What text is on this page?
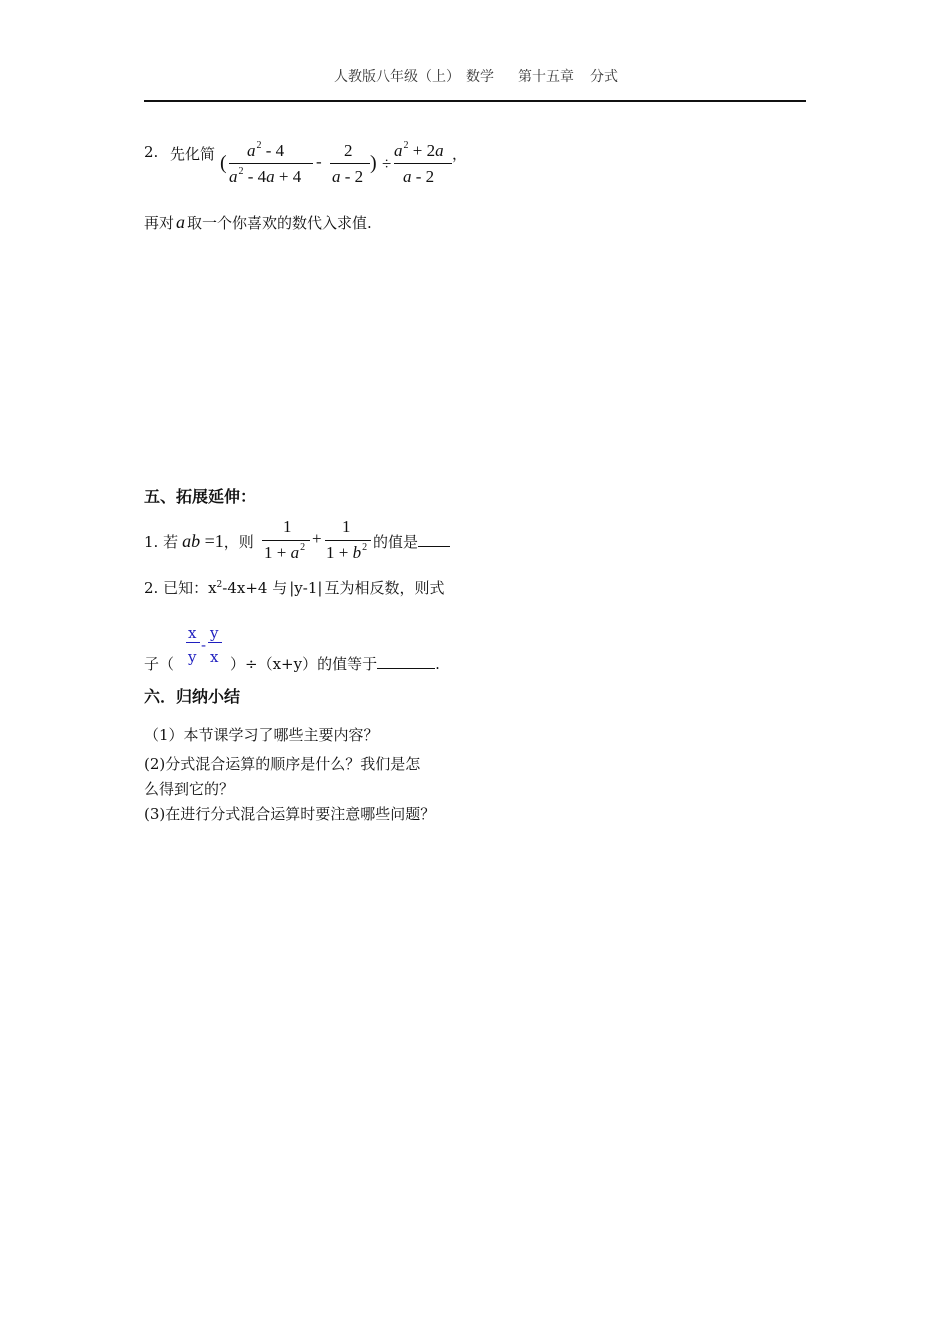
人教版八年级（上） 数学 第十五章 分式
2. 先化简 (
$a^2 - 4$
$a^2 - 4a + 4$
-
2
a - 2
) ÷
$a^2 + 2a$
a - 2
，
再对 a 取一个你喜欢的数代入求值.
五、拓展延伸：
1. 若 ab =1，则
1
$1 + a^2$ +
1
$1 + b^2$ 的值是
2. 已知：$x^2-4x+4$ 与 |y-1| 互为相反数，则式
子（
x
y
-
y
x ）÷（x+y）的值等于	.
六．归纳小结
（1）本节课学习了哪些主要内容？
(2)分式混合运算的顺序是什么？我们是怎
么得到它的？
(3)在进行分式混合运算时要注意哪些问题？
